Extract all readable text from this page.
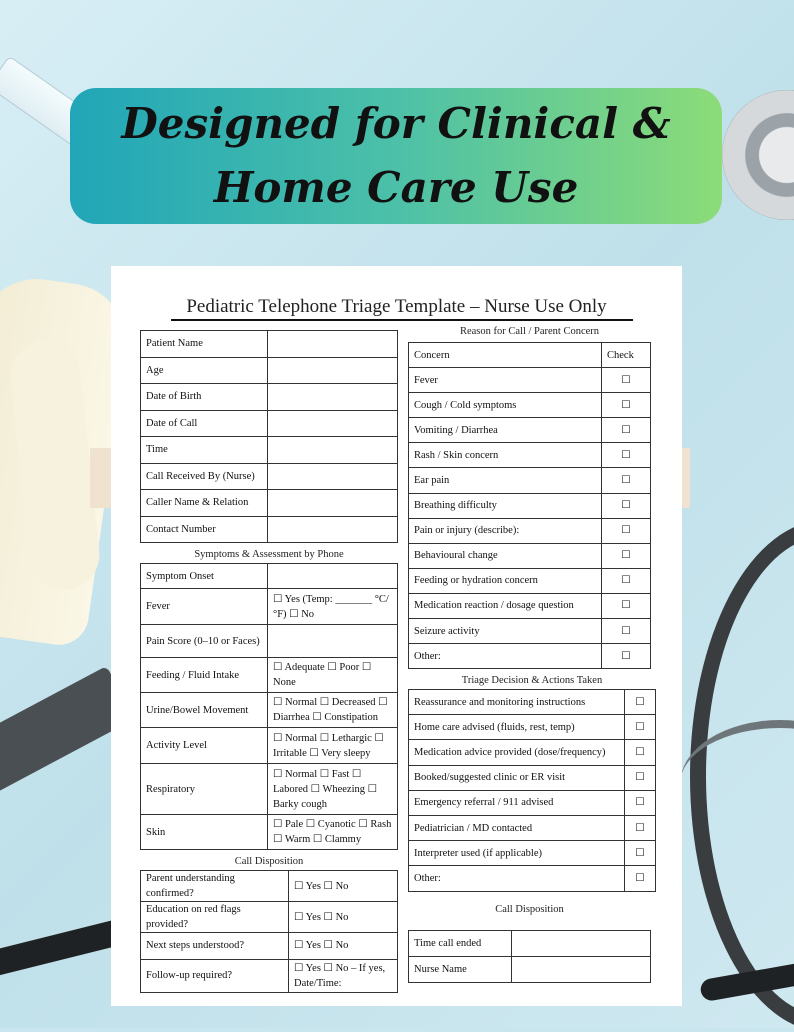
Designed for Clinical & Home Care Use

Pediatric Telephone Triage Template – Nurse Use Only

Patient Name	
Age	
Date of Birth	
Date of Call	
Time	
Call Received By (Nurse)	
Caller Name & Relation	
Contact Number	

Symptoms & Assessment by Phone

Symptom Onset	
Fever	☐ Yes (Temp: _______ °C/°F) ☐ No
Pain Score (0–10 or Faces)	
Feeding / Fluid Intake	☐ Adequate ☐ Poor ☐ None
Urine/Bowel Movement	☐ Normal ☐ Decreased ☐ Diarrhea ☐ Constipation
Activity Level	☐ Normal ☐ Lethargic ☐ Irritable ☐ Very sleepy
Respiratory	☐ Normal ☐ Fast ☐ Labored ☐ Wheezing ☐ Barky cough
Skin	☐ Pale ☐ Cyanotic ☐ Rash ☐ Warm ☐ Clammy

Call Disposition

Parent understanding confirmed?	☐ Yes ☐ No
Education on red flags provided?	☐ Yes ☐ No
Next steps understood?	☐ Yes ☐ No
Follow-up required?	☐ Yes ☐ No – If yes, Date/Time:

Reason for Call / Parent Concern

Concern	Check
Fever	☐
Cough / Cold symptoms	☐
Vomiting / Diarrhea	☐
Rash / Skin concern	☐
Ear pain	☐
Breathing difficulty	☐
Pain or injury (describe):	☐
Behavioural change	☐
Feeding or hydration concern	☐
Medication reaction / dosage question	☐
Seizure activity	☐
Other:	☐

Triage Decision & Actions Taken

Reassurance and monitoring instructions	☐
Home care advised (fluids, rest, temp)	☐
Medication advice provided (dose/frequency)	☐
Booked/suggested clinic or ER visit	☐
Emergency referral / 911 advised	☐
Pediatrician / MD contacted	☐
Interpreter used (if applicable)	☐
Other:	☐

Call Disposition

Time call ended	
Nurse Name	
